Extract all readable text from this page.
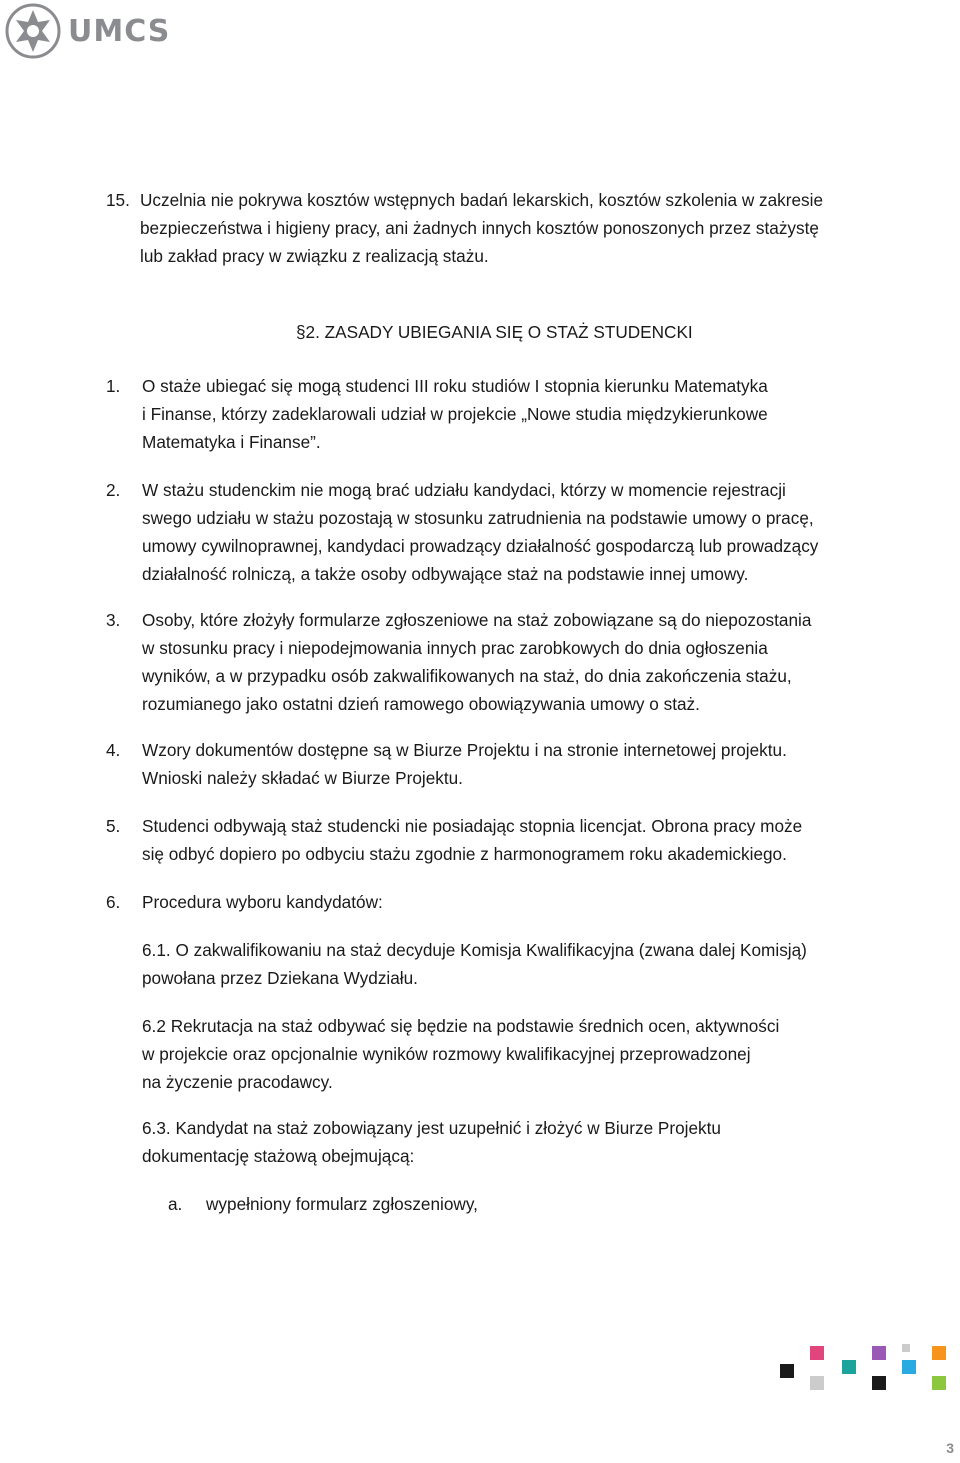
UMCS
15. Uczelnia nie pokrywa kosztów wstępnych badań lekarskich, kosztów szkolenia w zakresie
bezpieczeństwa i higieny pracy, ani żadnych innych kosztów ponoszonych przez stażystę
lub zakład pracy w związku z realizacją stażu.
§2. ZASADY UBIEGANIA SIĘ O STAŻ STUDENCKI
1. O staże ubiegać się mogą studenci III roku studiów I stopnia kierunku Matematyka
i Finanse, którzy zadeklarowali udział w projekcie „Nowe studia międzykierunkowe
Matematyka i Finanse”.
2. W stażu studenckim nie mogą brać udziału kandydaci, którzy w momencie rejestracji
swego udziału w stażu pozostają w stosunku zatrudnienia na podstawie umowy o pracę,
umowy cywilnoprawnej, kandydaci prowadzący działalność gospodarczą lub prowadzący
działalność rolniczą, a także osoby odbywające staż na podstawie innej umowy.
3. Osoby, które złożyły formularze zgłoszeniowe na staż zobowiązane są do niepozostania
w stosunku pracy i niepodejmowania innych prac zarobkowych do dnia ogłoszenia
wyników, a w przypadku osób zakwalifikowanych na staż, do dnia zakończenia stażu,
rozumianego jako ostatni dzień ramowego obowiązywania umowy o staż.
4. Wzory dokumentów dostępne są w Biurze Projektu i na stronie internetowej projektu.
Wnioski należy składać w Biurze Projektu.
5. Studenci odbywają staż studencki nie posiadając stopnia licencjat. Obrona pracy może
się odbyć dopiero po odbyciu stażu zgodnie z harmonogramem roku akademickiego.
6. Procedura wyboru kandydatów:
6.1. O zakwalifikowaniu na staż decyduje Komisja Kwalifikacyjna (zwana dalej Komisją)
powołana przez Dziekana Wydziału.
6.2 Rekrutacja na staż odbywać się będzie na podstawie średnich ocen, aktywności
w projekcie oraz opcjonalnie wyników rozmowy kwalifikacyjnej przeprowadzonej
na życzenie pracodawcy.
6.3. Kandydat na staż zobowiązany jest uzupełnić i złożyć w Biurze Projektu
dokumentację stażową obejmującą:
a. wypełniony formularz zgłoszeniowy,
3
